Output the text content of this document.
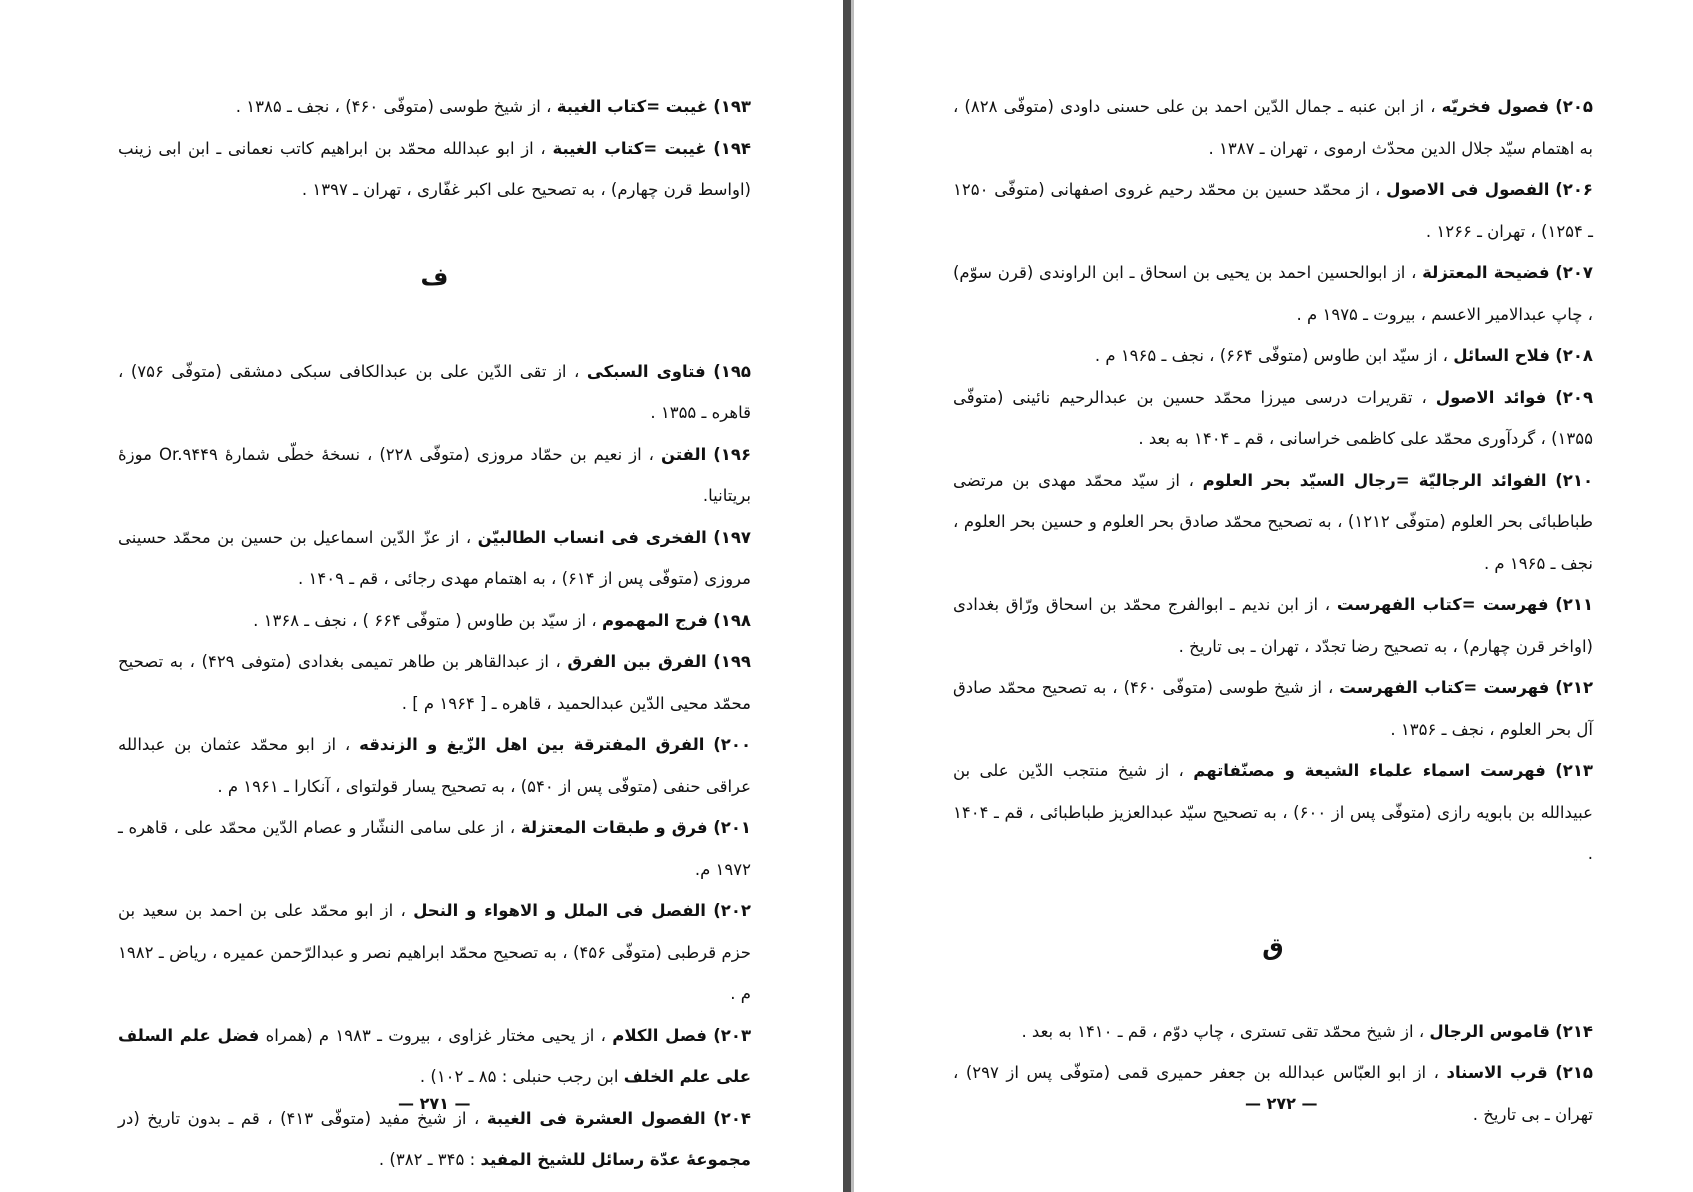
۱۹۳) غیبت =کتاب الغیبة ، از شیخ طوسی (متوفّی ۴۶۰) ، نجف ـ ۱۳۸۵ .
۱۹۴) غیبت =کتاب الغیبة ، از ابو عبدالله محمّد بن ابراهیم کاتب نعمانی ـ ابن ابی زینب (اواسط قرن چهارم) ، به تصحیح علی اکبر غفّاری ، تهران ـ ۱۳۹۷ .
ف
۱۹۵) فتاوی السبکی ، از تقی الدّین علی بن عبدالکافی سبکی دمشقی (متوفّی ۷۵۶) ، قاهره ـ ۱۳۵۵ .
۱۹۶) الفتن ، از نعیم بن حمّاد مروزی (متوفّی ۲۲۸) ، نسخهٔ خطّی شمارهٔ Or.۹۴۴۹ موزهٔ بریتانیا.
۱۹۷) الفخری فی انساب الطالبیّن ، از عزّ الدّین اسماعیل بن حسین بن محمّد حسینی مروزی (متوفّی پس از ۶۱۴) ، به اهتمام مهدی رجائی ، قم ـ ۱۴۰۹ .
۱۹۸) فرج المهموم ، از سیّد بن طاوس ( متوفّی ۶۶۴ ) ، نجف ـ ۱۳۶۸ .
۱۹۹) الفرق بین الفرق ، از عبدالقاهر بن طاهر تمیمی بغدادی (متوفی ۴۲۹) ، به تصحیح محمّد محیی الدّین عبدالحمید ، قاهره ـ [ ۱۹۶۴ م ] .
۲۰۰) الفرق المفترقة بین اهل الزّیغ و الزندقه ، از ابو محمّد عثمان بن عبدالله عراقی حنفی (متوفّی پس از ۵۴۰) ، به تصحیح یسار قولتوای ، آنکارا ـ ۱۹۶۱ م .
۲۰۱) فرق و طبقات المعتزلة ، از علی سامی النشّار و عصام الدّین محمّد علی ، قاهره ـ ۱۹۷۲ م.
۲۰۲) الفصل فی الملل و الاهواء و النحل ، از ابو محمّد علی بن احمد بن سعید بن حزم قرطبی (متوفّی ۴۵۶) ، به تصحیح محمّد ابراهیم نصر و عبدالرّحمن عمیره ، ریاض ـ ۱۹۸۲ م .
۲۰۳) فصل الکلام ، از یحیی مختار غزاوی ، بیروت ـ ۱۹۸۳ م (همراه فضل علم السلف علی علم الخلف ابن رجب حنبلی : ۸۵ ـ ۱۰۲) .
۲۰۴) الفصول العشرة فی الغیبة ، از شیخ مفید (متوفّی ۴۱۳) ، قم ـ بدون تاریخ (در مجموعهٔ عدّة رسائل للشیخ المفید : ۳۴۵ ـ ۳۸۲) .
— ۲۷۱ —
۲۰۵) فصول فخریّه ، از ابن عنبه ـ جمال الدّین احمد بن علی حسنی داودی (متوفّی ۸۲۸) ، به اهتمام سیّد جلال الدین محدّث ارموی ، تهران ـ ۱۳۸۷ .
۲۰۶) الفصول فی الاصول ، از محمّد حسین بن محمّد رحیم غروی اصفهانی (متوفّی ۱۲۵۰ ـ ۱۲۵۴) ، تهران ـ ۱۲۶۶ .
۲۰۷) فضیحة المعتزلة ، از ابوالحسین احمد بن یحیی بن اسحاق ـ ابن الراوندی (قرن سوّم) ، چاپ عبدالامیر الاعسم ، بیروت ـ ۱۹۷۵ م .
۲۰۸) فلاح السائل ، از سیّد ابن طاوس (متوفّی ۶۶۴) ، نجف ـ ۱۹۶۵ م .
۲۰۹) فوائد الاصول ، تقریرات درسی میرزا محمّد حسین بن عبدالرحیم نائینی (متوفّی ۱۳۵۵) ، گردآوری محمّد علی کاظمی خراسانی ، قم ـ ۱۴۰۴ به بعد .
۲۱۰) الفوائد الرجالیّة =رجال السیّد بحر العلوم ، از سیّد محمّد مهدی بن مرتضی طباطبائی بحر العلوم (متوفّی ۱۲۱۲) ، به تصحیح محمّد صادق بحر العلوم و حسین بحر العلوم ، نجف ـ ۱۹۶۵ م .
۲۱۱) فهرست =کتاب الفهرست ، از ابن ندیم ـ ابوالفرج محمّد بن اسحاق ورّاق بغدادی (اواخر قرن چهارم) ، به تصحیح رضا تجدّد ، تهران ـ بی تاریخ .
۲۱۲) فهرست =کتاب الفهرست ، از شیخ طوسی (متوفّی ۴۶۰) ، به تصحیح محمّد صادق آل بحر العلوم ، نجف ـ ۱۳۵۶ .
۲۱۳) فهرست اسماء علماء الشیعة و مصنّفاتهم ، از شیخ منتجب الدّین علی بن عبیدالله بن بابویه رازی (متوفّی پس از ۶۰۰) ، به تصحیح سیّد عبدالعزیز طباطبائی ، قم ـ ۱۴۰۴ .
ق
۲۱۴) قاموس الرجال ، از شیخ محمّد تقی تستری ، چاپ دوّم ، قم ـ ۱۴۱۰ به بعد .
۲۱۵) قرب الاسناد ، از ابو العبّاس عبدالله بن جعفر حمیری قمی (متوفّی پس از ۲۹۷) ، تهران ـ بی تاریخ .
— ۲۷۲ —
